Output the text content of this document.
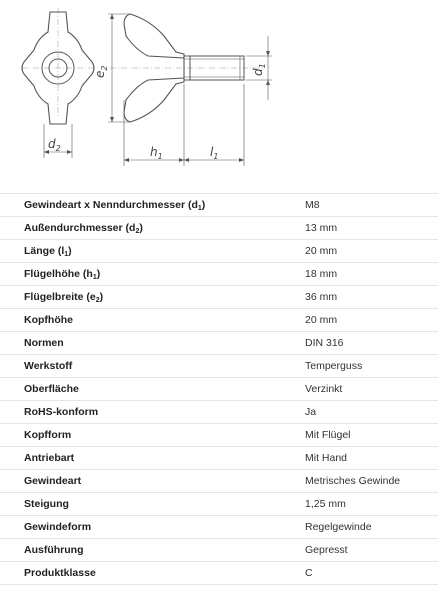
$d_2$	$h_1$	$l_1$
$e_2$
$d_1$
Gewindeart x Nenndurchmesser $(d_1)$	M8
Außendurchmesser $(d_2)$	13 mm
Länge $(l_1)$	20 mm
Flügelhöhe $(h_1)$	18 mm
Flügelbreite $(e_2)$	36 mm
Kopfhöhe	20 mm
Normen	DIN 316
Werkstoff	Temperguss
Oberfläche	Verzinkt
RoHS-konform	Ja
Kopfform	Mit Flügel
Antriebart	Mit Hand
Gewindeart	Metrisches Gewinde
Steigung	1,25 mm
Gewindeform	Regelgewinde
Ausführung	Gepresst
Produktklasse	C
